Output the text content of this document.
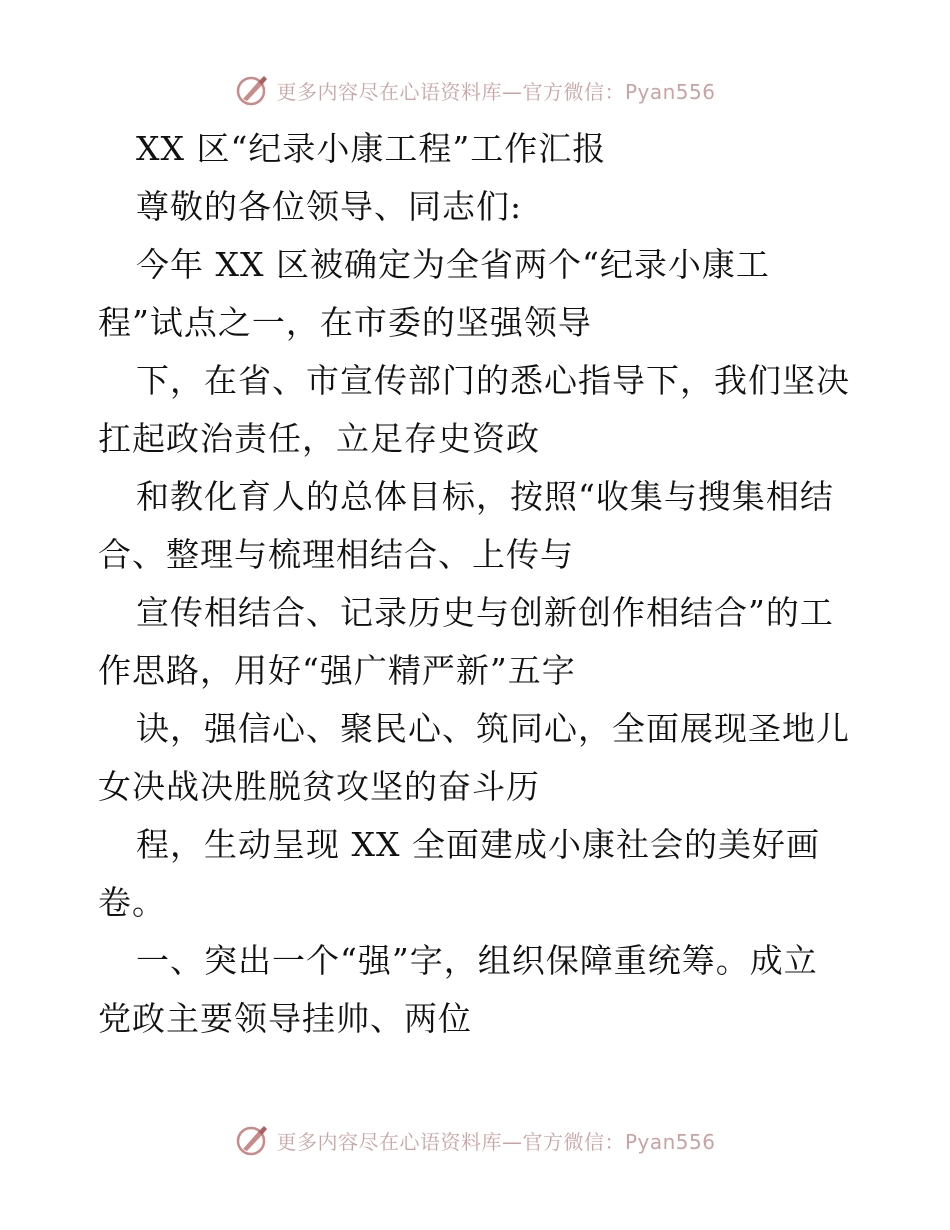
更多内容尽在心语资料库—官方微信：Pyan556
XX 区“纪录小康工程”工作汇报
尊敬的各位领导、同志们:
今年 XX 区被确定为全省两个“纪录小康工
程”试点之一，在市委的坚强领导
下，在省、市宣传部门的悉心指导下，我们坚决
扛起政治责任，立足存史资政
和教化育人的总体目标，按照“收集与搜集相结
合、整理与梳理相结合、上传与
宣传相结合、记录历史与创新创作相结合”的工
作思路，用好“强广精严新”五字
诀，强信心、聚民心、筑同心，全面展现圣地儿
女决战决胜脱贫攻坚的奋斗历
程，生动呈现 XX 全面建成小康社会的美好画
卷。
一、突出一个“强”字，组织保障重统筹。成立
党政主要领导挂帅、两位
更多内容尽在心语资料库—官方微信：Pyan556
